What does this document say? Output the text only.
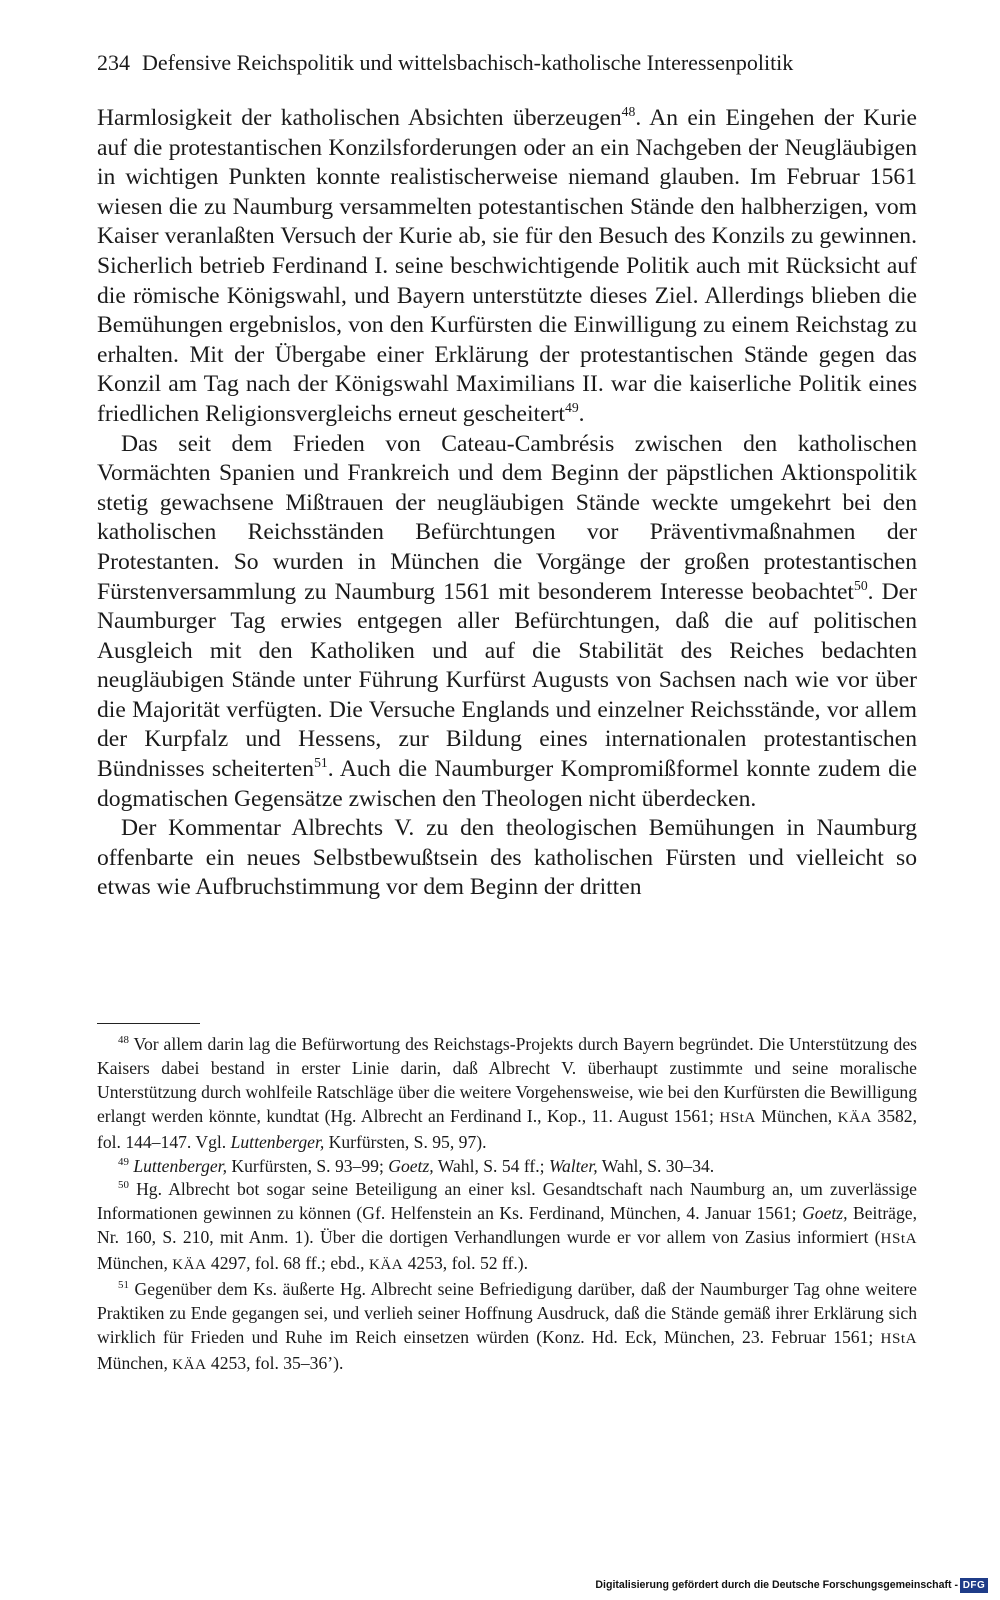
234 Defensive Reichspolitik und wittelsbachisch-katholische Interessenpolitik

Harmlosigkeit der katholischen Absichten überzeugen$^{48}$. An ein Eingehen der Kurie auf die protestantischen Konzilsforderungen oder an ein Nachgeben der Neugläubigen in wichtigen Punkten konnte realistischerweise niemand glauben. Im Februar 1561 wiesen die zu Naumburg versammelten potestantischen Stände den halbherzigen, vom Kaiser veranlaßten Versuch der Kurie ab, sie für den Besuch des Konzils zu gewinnen. Sicherlich betrieb Ferdinand I. seine beschwichtigende Politik auch mit Rücksicht auf die römische Königswahl, und Bayern unterstützte dieses Ziel. Allerdings blieben die Bemühungen ergebnislos, von den Kurfürsten die Einwilligung zu einem Reichstag zu erhalten. Mit der Übergabe einer Erklärung der protestantischen Stände gegen das Konzil am Tag nach der Königswahl Maximilians II. war die kaiserliche Politik eines friedlichen Religionsvergleichs erneut gescheitert$^{49}$.

Das seit dem Frieden von Cateau-Cambrésis zwischen den katholischen Vormächten Spanien und Frankreich und dem Beginn der päpstlichen Aktionspolitik stetig gewachsene Mißtrauen der neugläubigen Stände weckte umgekehrt bei den katholischen Reichsständen Befürchtungen vor Präventivmaßnahmen der Protestanten. So wurden in München die Vorgänge der großen protestantischen Fürstenversammlung zu Naumburg 1561 mit besonderem Interesse beobachtet$^{50}$. Der Naumburger Tag erwies entgegen aller Befürchtungen, daß die auf politischen Ausgleich mit den Katholiken und auf die Stabilität des Reiches bedachten neugläubigen Stände unter Führung Kurfürst Augusts von Sachsen nach wie vor über die Majorität verfügten. Die Versuche Englands und einzelner Reichsstände, vor allem der Kurpfalz und Hessens, zur Bildung eines internationalen protestantischen Bündnisses scheiterten$^{51}$. Auch die Naumburger Kompromißformel konnte zudem die dogmatischen Gegensätze zwischen den Theologen nicht überdecken.

Der Kommentar Albrechts V. zu den theologischen Bemühungen in Naumburg offenbarte ein neues Selbstbewußtsein des katholischen Fürsten und vielleicht so etwas wie Aufbruchstimmung vor dem Beginn der dritten

$^{48}$ Vor allem darin lag die Befürwortung des Reichstags-Projekts durch Bayern begründet. Die Unterstützung des Kaisers dabei bestand in erster Linie darin, daß Albrecht V. überhaupt zustimmte und seine moralische Unterstützung durch wohlfeile Ratschläge über die weitere Vorgehensweise, wie bei den Kurfürsten die Bewilligung erlangt werden könnte, kundtat (Hg. Albrecht an Ferdinand I., Kop., 11. August 1561; HStA München, KÄA 3582, fol. 144–147. Vgl. Luttenberger, Kurfürsten, S. 95, 97).

$^{49}$ Luttenberger, Kurfürsten, S. 93–99; Goetz, Wahl, S. 54 ff.; Walter, Wahl, S. 30–34.

$^{50}$ Hg. Albrecht bot sogar seine Beteiligung an einer ksl. Gesandtschaft nach Naumburg an, um zuverlässige Informationen gewinnen zu können (Gf. Helfenstein an Ks. Ferdinand, München, 4. Januar 1561; Goetz, Beiträge, Nr. 160, S. 210, mit Anm. 1). Über die dortigen Verhandlungen wurde er vor allem von Zasius informiert (HStA München, KÄA 4297, fol. 68 ff.; ebd., KÄA 4253, fol. 52 ff.).

$^{51}$ Gegenüber dem Ks. äußerte Hg. Albrecht seine Befriedigung darüber, daß der Naumburger Tag ohne weitere Praktiken zu Ende gegangen sei, und verlieh seiner Hoffnung Ausdruck, daß die Stände gemäß ihrer Erklärung sich wirklich für Frieden und Ruhe im Reich einsetzen würden (Konz. Hd. Eck, München, 23. Februar 1561; HStA München, KÄA 4253, fol. 35–36’).

Digitalisierung gefördert durch die Deutsche Forschungsgemeinschaft - DFG
